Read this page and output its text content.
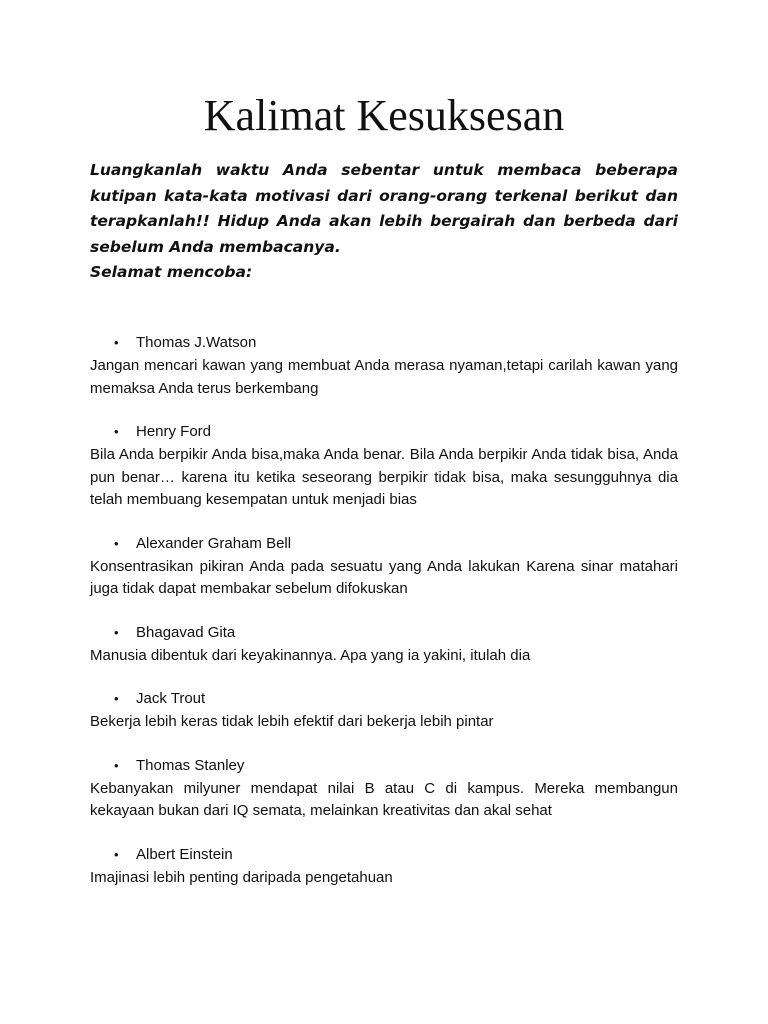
Kalimat Kesuksesan

Luangkanlah waktu Anda sebentar untuk membaca beberapa kutipan kata-kata motivasi dari orang-orang terkenal berikut dan terapkanlah!! Hidup Anda akan lebih bergairah dan berbeda dari sebelum Anda membacanya.

Selamat mencoba:

• Thomas J.Watson

Jangan mencari kawan yang membuat Anda merasa nyaman,tetapi carilah kawan yang memaksa Anda terus berkembang

• Henry Ford

Bila Anda berpikir Anda bisa,maka Anda benar. Bila Anda berpikir Anda tidak bisa, Anda pun benar… karena itu ketika seseorang berpikir tidak bisa, maka sesungguhnya dia telah membuang kesempatan untuk menjadi bias

• Alexander Graham Bell

Konsentrasikan pikiran Anda pada sesuatu yang Anda lakukan Karena sinar matahari juga tidak dapat membakar sebelum difokuskan

• Bhagavad Gita

Manusia dibentuk dari keyakinannya. Apa yang ia yakini, itulah dia

• Jack Trout

Bekerja lebih keras tidak lebih efektif dari bekerja lebih pintar

• Thomas Stanley

Kebanyakan milyuner mendapat nilai B atau C di kampus. Mereka membangun kekayaan bukan dari IQ semata, melainkan kreativitas dan akal sehat

• Albert Einstein

Imajinasi lebih penting daripada pengetahuan
